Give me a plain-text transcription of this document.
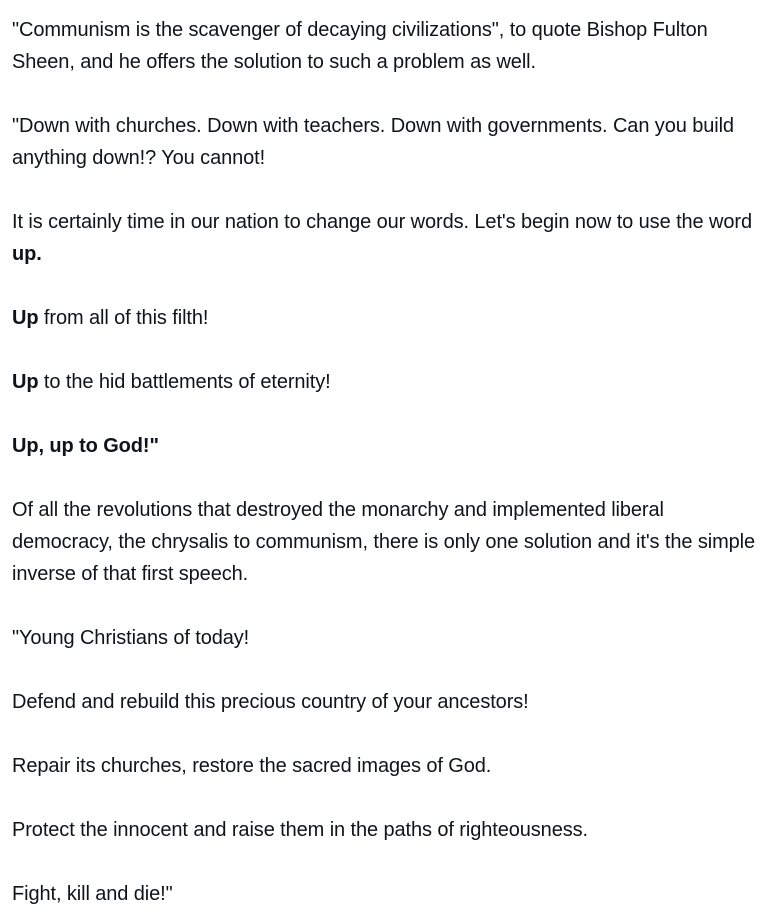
"Communism is the scavenger of decaying civilizations", to quote Bishop Fulton Sheen, and he offers the solution to such a problem as well.

"Down with churches. Down with teachers. Down with governments. Can you build anything down!? You cannot!

It is certainly time in our nation to change our words. Let's begin now to use the word up.

Up from all of this filth!

Up to the hid battlements of eternity!

Up, up to God!"

Of all the revolutions that destroyed the monarchy and implemented liberal democracy, the chrysalis to communism, there is only one solution and it's the simple inverse of that first speech.

"Young Christians of today!

Defend and rebuild this precious country of your ancestors!

Repair its churches, restore the sacred images of God.

Protect the innocent and raise them in the paths of righteousness.

Fight, kill and die!"
